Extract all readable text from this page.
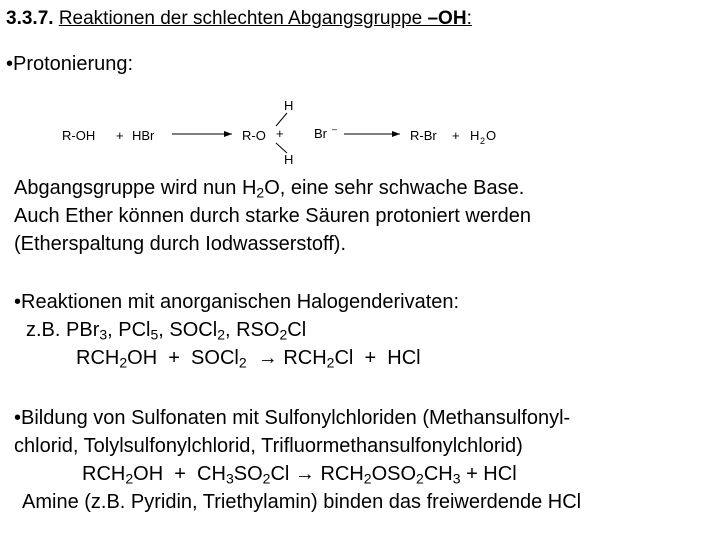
3.3.7. Reaktionen der schlechten Abgangsgruppe –OH:
•Protonierung:
R-OH + HBr	R-O +
H
H
Br –	R-Br + H 2 O
Abgangsgruppe wird nun $H_2O$, eine sehr schwache Base.
Auch Ether können durch starke Säuren protoniert werden
(Etherspaltung durch Iodwasserstoff).
•Reaktionen mit anorganischen Halogenderivaten:
z.B. PBr$_3$, PCl$_5$, SOCl$_2$, $RSO_2Cl$
$RCH_2OH$  +  SOCl$_2$ → $RCH_2Cl$  +  HCl
•Bildung von Sulfonaten mit Sulfonylchloriden (Methansulfonyl-
chlorid, Tolylsulfonylchlorid, Trifluormethansulfonylchlorid)
$RCH_2OH + CH_3SO_2Cl \to RCH_2OSO_2CH_3$ + HCl
Amine (z.B. Pyridin, Triethylamin) binden das freiwerdende HCl
